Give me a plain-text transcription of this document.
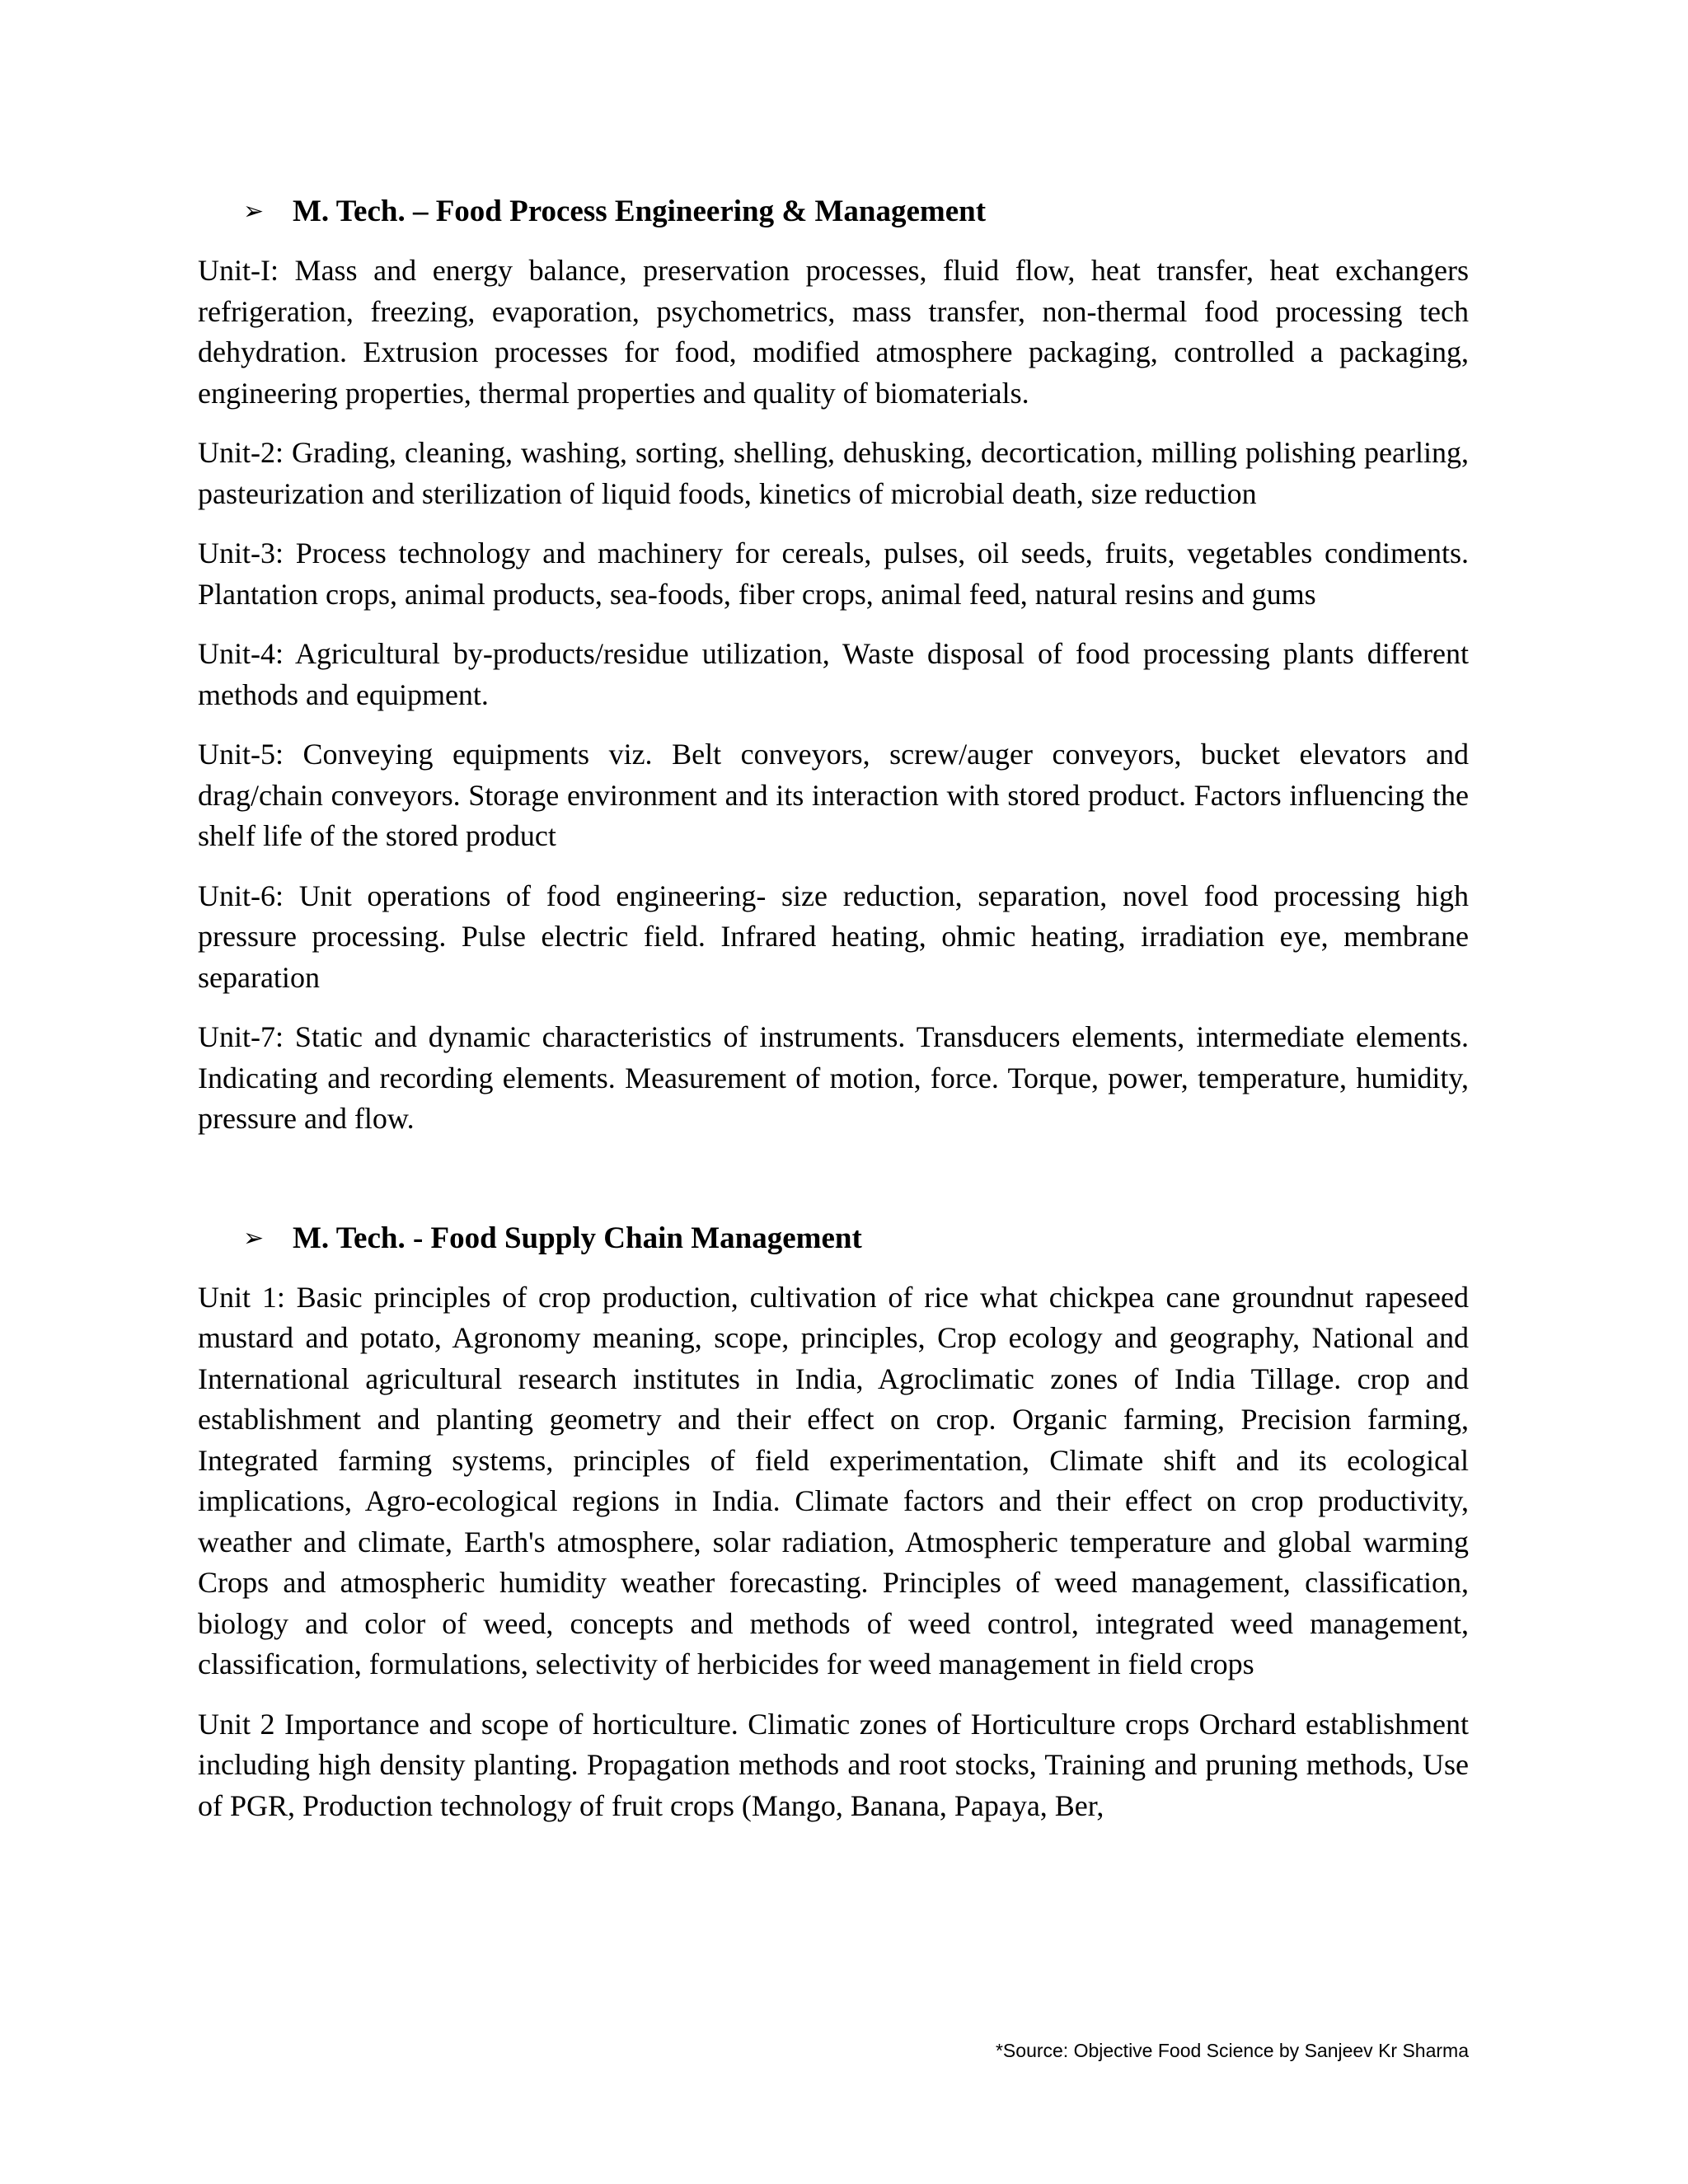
➢ M. Tech. – Food Process Engineering & Management

Unit-I: Mass and energy balance, preservation processes, fluid flow, heat transfer, heat exchangers refrigeration, freezing, evaporation, psychometrics, mass transfer, non-thermal food processing tech dehydration. Extrusion processes for food, modified atmosphere packaging, controlled a packaging, engineering properties, thermal properties and quality of biomaterials.

Unit-2: Grading, cleaning, washing, sorting, shelling, dehusking, decortication, milling polishing pearling, pasteurization and sterilization of liquid foods, kinetics of microbial death, size reduction

Unit-3: Process technology and machinery for cereals, pulses, oil seeds, fruits, vegetables condiments. Plantation crops, animal products, sea-foods, fiber crops, animal feed, natural resins and gums

Unit-4: Agricultural by-products/residue utilization, Waste disposal of food processing plants different methods and equipment.

Unit-5: Conveying equipments viz. Belt conveyors, screw/auger conveyors, bucket elevators and drag/chain conveyors. Storage environment and its interaction with stored product. Factors influencing the shelf life of the stored product

Unit-6: Unit operations of food engineering- size reduction, separation, novel food processing high pressure processing. Pulse electric field. Infrared heating, ohmic heating, irradiation eye, membrane separation

Unit-7: Static and dynamic characteristics of instruments. Transducers elements, intermediate elements. Indicating and recording elements. Measurement of motion, force. Torque, power, temperature, humidity, pressure and flow.

➢ M. Tech. - Food Supply Chain Management

Unit 1: Basic principles of crop production, cultivation of rice what chickpea cane groundnut rapeseed mustard and potato, Agronomy meaning, scope, principles, Crop ecology and geography, National and International agricultural research institutes in India, Agroclimatic zones of India Tillage. crop and establishment and planting geometry and their effect on crop. Organic farming, Precision farming, Integrated farming systems, principles of field experimentation, Climate shift and its ecological implications, Agro-ecological regions in India. Climate factors and their effect on crop productivity, weather and climate, Earth's atmosphere, solar radiation, Atmospheric temperature and global warming Crops and atmospheric humidity weather forecasting. Principles of weed management, classification, biology and color of weed, concepts and methods of weed control, integrated weed management, classification, formulations, selectivity of herbicides for weed management in field crops

Unit 2 Importance and scope of horticulture. Climatic zones of Horticulture crops Orchard establishment including high density planting. Propagation methods and root stocks, Training and pruning methods, Use of PGR, Production technology of fruit crops (Mango, Banana, Papaya, Ber,

*Source: Objective Food Science by Sanjeev Kr Sharma
